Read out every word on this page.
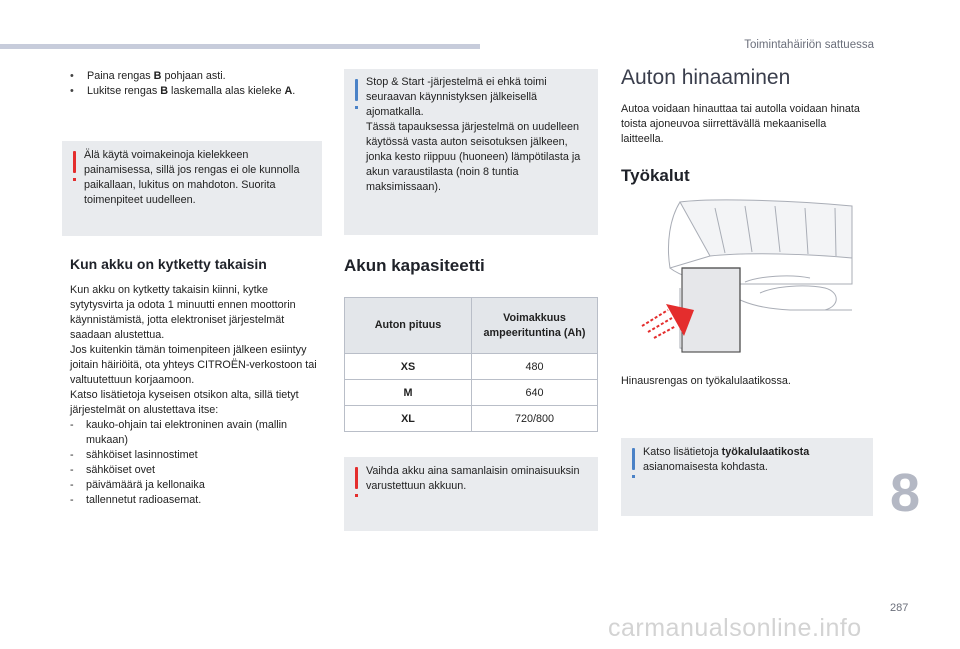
Toimintahäiriön sattuessa
•	Paina rengas B pohjaan asti.
•	Lukitse rengas B laskemalla alas kieleke A.

Älä käytä voimakeinoja kielekkeen painamisessa, sillä jos rengas ei ole kunnolla paikallaan, lukitus on mahdoton. Suorita toimenpiteet uudelleen.

Kun akku on kytketty takaisin

Kun akku on kytketty takaisin kiinni, kytke sytytysvirta ja odota 1 minuutti ennen moottorin käynnistämistä, jotta elektroniset järjestelmät saadaan alustettua.
Jos kuitenkin tämän toimenpiteen jälkeen esiintyy joitain häiriöitä, ota yhteys CITROËN-verkostoon tai valtuutettuun korjaamoon.
Katso lisätietoja kyseisen otsikon alta, sillä tietyt järjestelmät on alustettava itse:

-	kauko-ohjain tai elektroninen avain (mallin mukaan)
-	sähköiset lasinnostimet
-	sähköiset ovet
-	päivämäärä ja kellonaika
-	tallennetut radioasemat.

Stop & Start -järjestelmä ei ehkä toimi seuraavan käynnistyksen jälkeisellä ajomatkalla.
Tässä tapauksessa järjestelmä on uudelleen käytössä vasta auton seisotuksen jälkeen, jonka kesto riippuu (huoneen) lämpötilasta ja akun varaustilasta (noin 8 tuntia maksimissaan).

Akun kapasiteetti
Auton pituus	Voimakkuus ampeerituntina (Ah)
XS	480
M	640
XL	720/800

Vaihda akku aina samanlaisin ominaisuuksin varustettuun akkuun.

Auton hinaaminen

Autoa voidaan hinauttaa tai autolla voidaan hinata toista ajoneuvoa siirrettävällä mekaanisella laitteella.

Työkalut

Hinausrengas on työkalulaatikossa.

Katso lisätietoja työkalulaatikosta asianomaisesta kohdasta.	8
287
carmanualsonline.info
